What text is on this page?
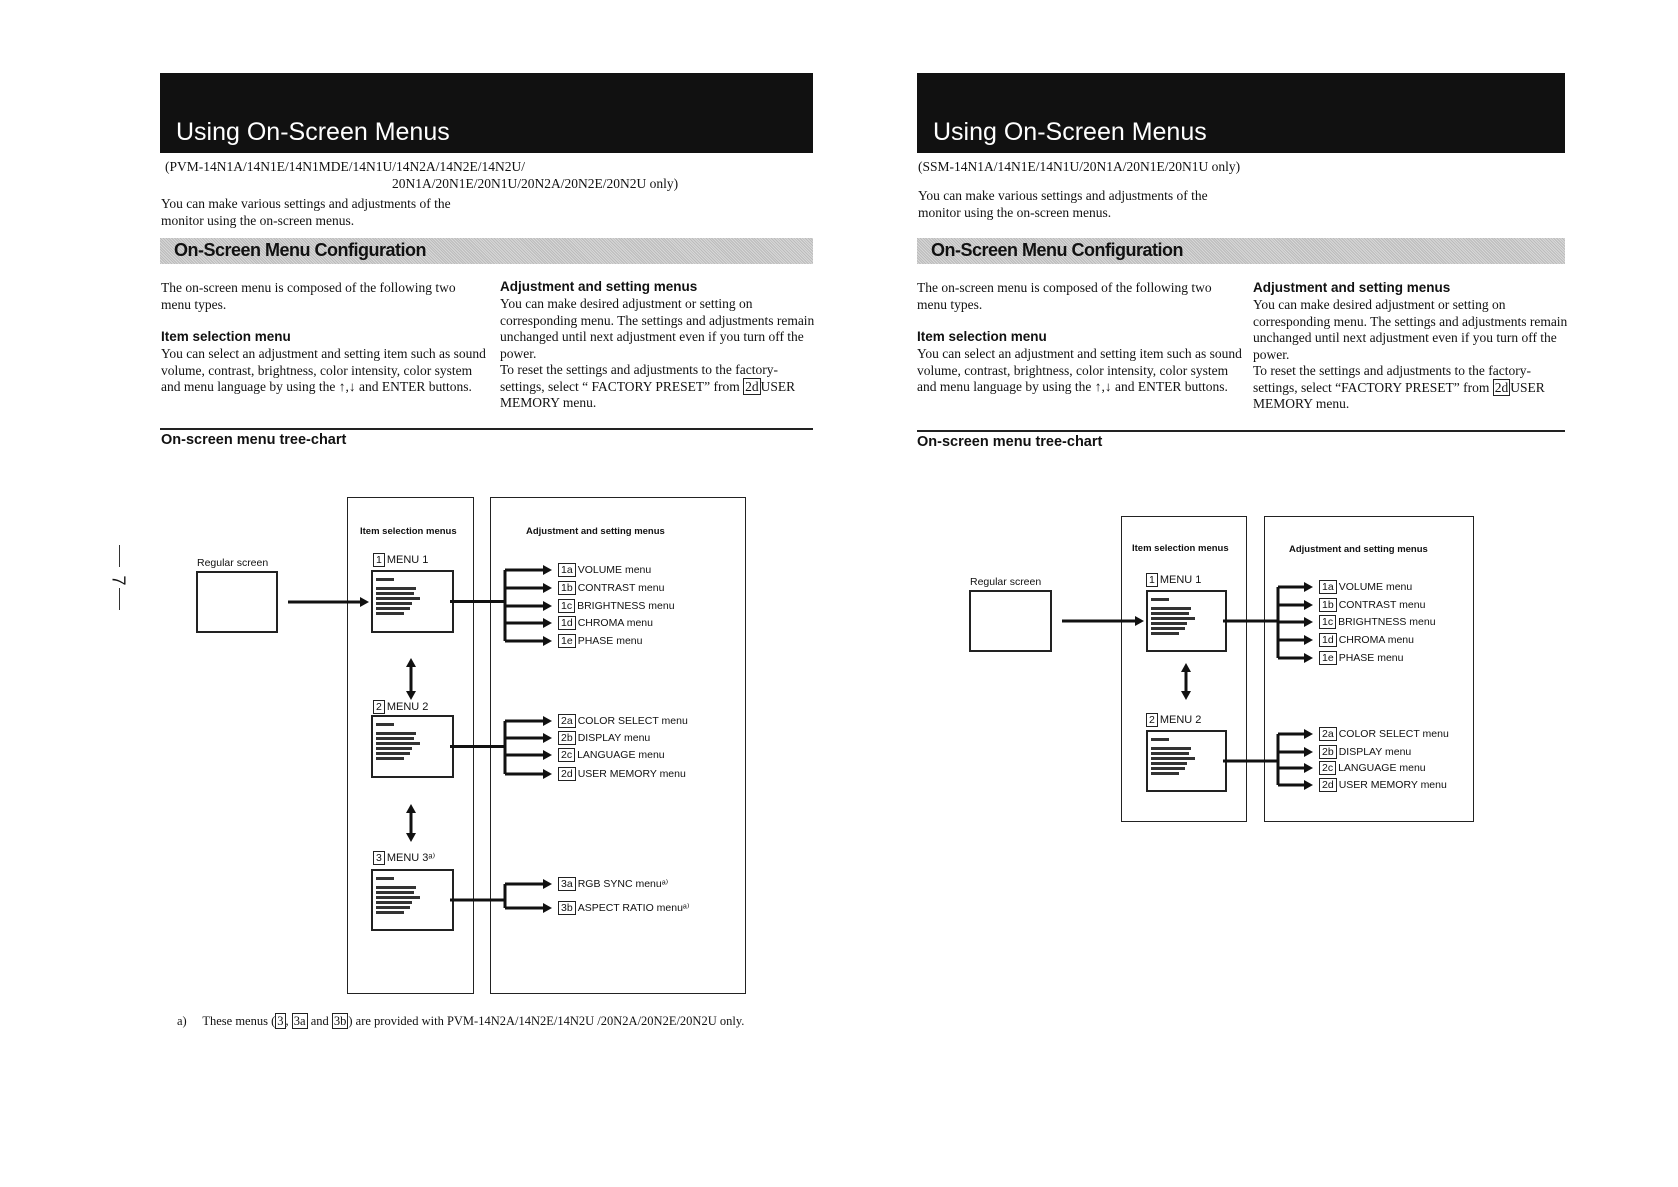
Using On-Screen Menus
(PVM-14N1A/14N1E/14N1MDE/14N1U/14N2A/14N2E/14N2U/
20N1A/20N1E/20N1U/20N2A/20N2E/20N2U only)
You can make various settings and adjustments of the monitor using the on-screen menus.
On-Screen Menu Configuration
The on-screen menu is composed of the following two menu types.
Item selection menu
You can select an adjustment and setting item such as sound volume, contrast, brightness, color intensity, color system and menu language by using the ↑,↓ and ENTER buttons.
Adjustment and setting menus
You can make desired adjustment or setting on corresponding menu. The settings and adjustments remain unchanged until next adjustment even if you turn off the power.
To reset the settings and adjustments to the factory-settings, select “ FACTORY PRESET” from 2d USER MEMORY menu.
On-screen menu tree-chart
a) These menus ( 3 , 3a and 3b ) are provided with PVM-14N2A/14N2E/14N2U /20N2A/20N2E/20N2U only.
7
Using On-Screen Menus
(SSM-14N1A/14N1E/14N1U/20N1A/20N1E/20N1U only)
You can make various settings and adjustments of the monitor using the on-screen menus.
On-Screen Menu Configuration
The on-screen menu is composed of the following two menu types.
Item selection menu
You can select an adjustment and setting item such as sound volume, contrast, brightness, color intensity, color system and menu language by using the ↑,↓ and ENTER buttons.
Adjustment and setting menus
You can make desired adjustment or setting on corresponding menu. The settings and adjustments remain unchanged until next adjustment even if you turn off the power.
To reset the settings and adjustments to the factory-settings, select “FACTORY PRESET” from 2d USER MEMORY menu.
On-screen menu tree-chart
Regular screen
Item selection menus	Adjustment and setting menus
1 MENU 1
1a VOLUME menu
1b CONTRAST menu
1c BRIGHTNESS menu
1d CHROMA menu
1e PHASE menu
2 MENU 2
2a COLOR SELECT menu
2b DISPLAY menu
2c LANGUAGE menu
2d USER MEMORY menu
3 MENU 3ᵃ⁾
3a RGB SYNC menuᵃ⁾
3b ASPECT RATIO menuᵃ⁾
Regular screen
Item selection menus	Adjustment and setting menus
1 MENU 1
1a VOLUME menu
1b CONTRAST menu
1c BRIGHTNESS menu
1d CHROMA menu
1e PHASE menu
2 MENU 2
2a COLOR SELECT menu
2b DISPLAY menu
2c LANGUAGE menu
2d USER MEMORY menu
